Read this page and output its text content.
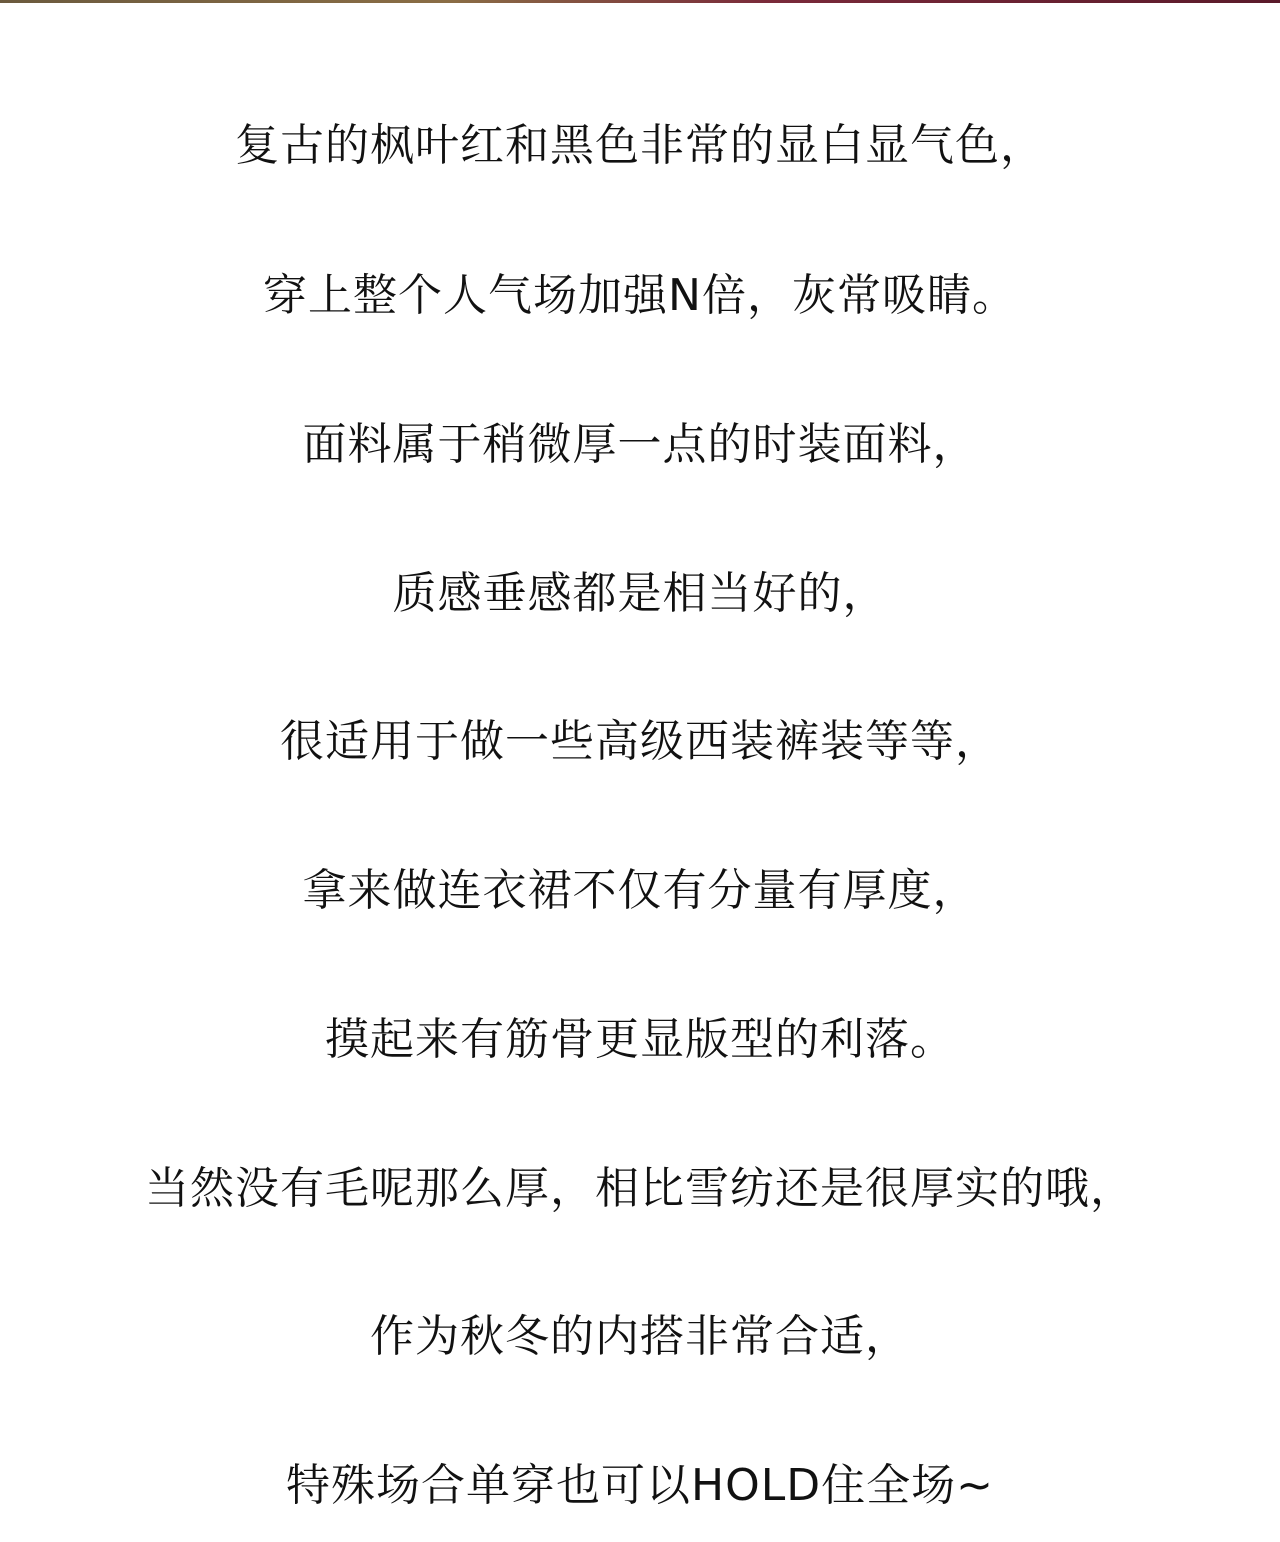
复古的枫叶红和黑色非常的显白显气色，
穿上整个人气场加强N倍，灰常吸睛。
面料属于稍微厚一点的时装面料，
质感垂感都是相当好的，
很适用于做一些高级西装裤装等等，
拿来做连衣裙不仅有分量有厚度，
摸起来有筋骨更显版型的利落。
当然没有毛呢那么厚，相比雪纺还是很厚实的哦，
作为秋冬的内搭非常合适，
特殊场合单穿也可以HOLD住全场~
